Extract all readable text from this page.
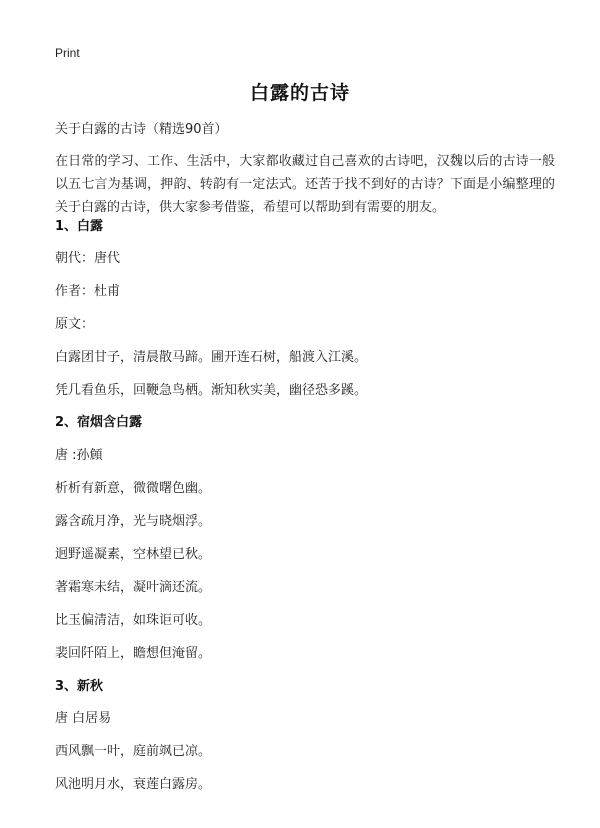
Print
白露的古诗
关于白露的古诗（精选90首）
在日常的学习、工作、生活中，大家都收藏过自己喜欢的古诗吧，汉魏以后的古诗一般以五七言为基调，押韵、转韵有一定法式。还苦于找不到好的古诗？下面是小编整理的关于白露的古诗，供大家参考借鉴，希望可以帮助到有需要的朋友。
1、白露
朝代：唐代
作者：杜甫
原文：
白露团甘子，清晨散马蹄。圃开连石树，船渡入江溪。
凭几看鱼乐，回鞭急鸟栖。渐知秋实美，幽径恐多蹊。
2、宿烟含白露
唐 :孙頠
析析有新意，微微曙色幽。
露含疏月净，光与晓烟浮。
迥野遥凝素，空林望已秋。
著霜寒未结，凝叶滴还流。
比玉偏清洁，如珠讵可收。
裴回阡陌上，瞻想但淹留。
3、新秋
唐 白居易
西风飘一叶，庭前飒已凉。
风池明月水，衰莲白露房。
